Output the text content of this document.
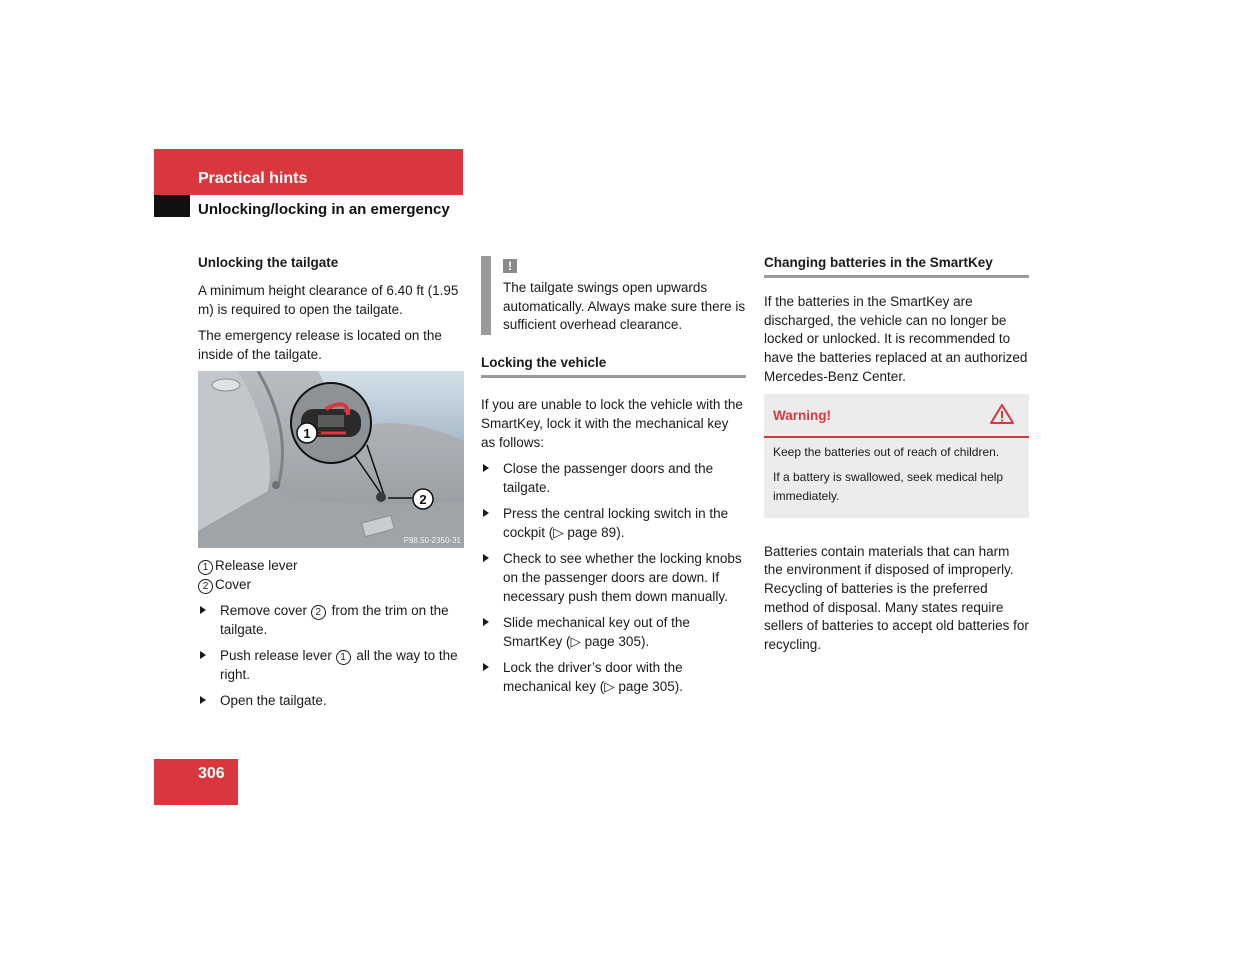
Practical hints
Unlocking/locking in an emergency
Unlocking the tailgate

A minimum height clearance of 6.40 ft (1.95 m) is required to open the tailgate.

The emergency release is located on the inside of the tailgate.

1
2
P88.50-2350-31
1 Release lever
2 Cover
Remove cover 2 from the trim on the tailgate.
Push release lever 1 all the way to the right.
Open the tailgate.
!
The tailgate swings open upwards automatically. Always make sure there is sufficient overhead clearance.
Locking the vehicle

If you are unable to lock the vehicle with the SmartKey, lock it with the mechanical key as follows:

Close the passenger doors and the tailgate.
Press the central locking switch in the cockpit (▷ page 89).
Check to see whether the locking knobs on the passenger doors are down. If necessary push them down manually.
Slide mechanical key out of the SmartKey (▷ page 305).
Lock the driver’s door with the mechanical key (▷ page 305).
Changing batteries in the SmartKey

If the batteries in the SmartKey are discharged, the vehicle can no longer be locked or unlocked. It is recommended to have the batteries replaced at an authorized Mercedes-Benz Center.

Warning!

Keep the batteries out of reach of children.

If a battery is swallowed, seek medical help immediately.

Batteries contain materials that can harm the environment if disposed of improperly. Recycling of batteries is the preferred method of disposal. Many states require sellers of batteries to accept old batteries for recycling.

306
